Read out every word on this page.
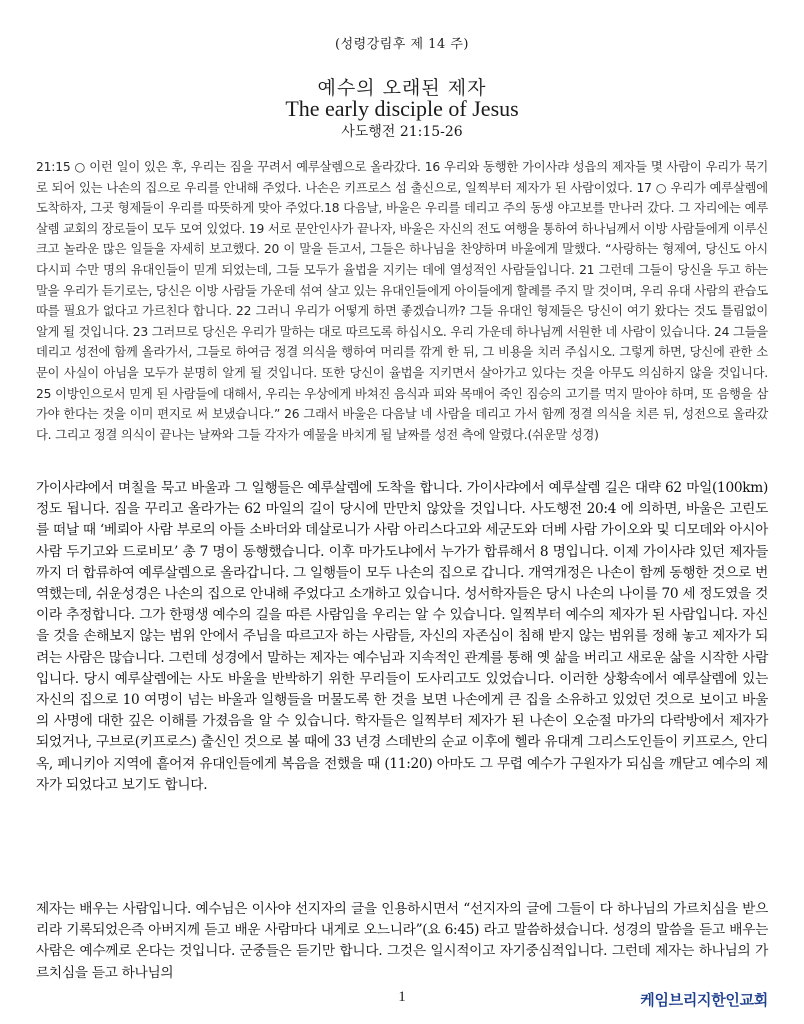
(성령강림후 제 14 주)
예수의 오래된 제자
The early disciple of Jesus
사도행전 21:15-26
21:15 ○ 이런 일이 있은 후, 우리는 짐을 꾸려서 예루살렘으로 올라갔다. 16 우리와 동행한 가이사랴 성읍의 제자들 몇 사람이 우리가 묵기로 되어 있는 나손의 집으로 우리를 안내해 주었다. 나손은 키프로스 섬 출신으로, 일찍부터 제자가 된 사람이었다. 17 ○ 우리가 예루살렘에 도착하자, 그곳 형제들이 우리를 따뜻하게 맞아 주었다.18 다음날, 바울은 우리를 데리고 주의 동생 야고보를 만나러 갔다. 그 자리에는 예루살렘 교회의 장로들이 모두 모여 있었다. 19 서로 문안인사가 끝나자, 바울은 자신의 전도 여행을 통하여 하나님께서 이방 사람들에게 이루신 크고 놀라운 많은 일들을 자세히 보고했다. 20 이 말을 듣고서, 그들은 하나님을 찬양하며 바울에게 말했다. “사랑하는 형제여, 당신도 아시다시피 수만 명의 유대인들이 믿게 되었는데, 그들 모두가 율법을 지키는 데에 열성적인 사람들입니다. 21 그런데 그들이 당신을 두고 하는 말을 우리가 듣기로는, 당신은 이방 사람들 가운데 섞여 살고 있는 유대인들에게 아이들에게 할례를 주지 말 것이며, 우리 유대 사람의 관습도 따를 필요가 없다고 가르친다 합니다. 22 그러니 우리가 어떻게 하면 좋겠습니까? 그들 유대인 형제들은 당신이 여기 왔다는 것도 틀림없이 알게 될 것입니다. 23 그러므로 당신은 우리가 말하는 대로 따르도록 하십시오. 우리 가운데 하나님께 서원한 네 사람이 있습니다. 24 그들을 데리고 성전에 함께 올라가서, 그들로 하여금 정결 의식을 행하여 머리를 깎게 한 뒤, 그 비용을 치러 주십시오. 그렇게 하면, 당신에 관한 소문이 사실이 아님을 모두가 분명히 알게 될 것입니다. 또한 당신이 율법을 지키면서 살아가고 있다는 것을 아무도 의심하지 않을 것입니다. 25 이방인으로서 믿게 된 사람들에 대해서, 우리는 우상에게 바쳐진 음식과 피와 목매어 죽인 짐승의 고기를 먹지 말아야 하며, 또 음행을 삼가야 한다는 것을 이미 편지로 써 보냈습니다.” 26 그래서 바울은 다음날 네 사람을 데리고 가서 함께 정결 의식을 치른 뒤, 성전으로 올라갔다. 그리고 정결 의식이 끝나는 날짜와 그들 각자가 예물을 바치게 될 날짜를 성전 측에 알렸다.(쉬운말 성경)

가이사랴에서 며칠을 묵고 바울과 그 일행들은 예루살렘에 도착을 합니다. 가이사랴에서 예루살렘 길은 대략 62 마일(100km) 정도 됩니다. 짐을 꾸리고 올라가는 62 마일의 길이 당시에 만만치 않았을 것입니다. 사도행전 20:4 에 의하면, 바울은 고린도를 떠날 때 ‘베뢰아 사람 부로의 아들 소바더와 데살로니가 사람 아리스다고와 세군도와 더베 사람 가이오와 및 디모데와 아시아 사람 두기고와 드로비모’ 총 7 명이 동행했습니다. 이후 마가도냐에서 누가가 합류해서 8 명입니다. 이제 가이사랴 있던 제자들까지 더 합류하여 예루살렘으로 올라갑니다. 그 일행들이 모두 나손의 집으로 갑니다. 개역개정은 나손이 함께 동행한 것으로 번역했는데, 쉬운성경은 나손의 집으로 안내해 주었다고 소개하고 있습니다. 성서학자들은 당시 나손의 나이를 70 세 정도였을 것이라 추정합니다. 그가 한평생 예수의 길을 따른 사람임을 우리는 알 수 있습니다. 일찍부터 예수의 제자가 된 사람입니다. 자신을 것을 손해보지 않는 범위 안에서 주님을 따르고자 하는 사람들, 자신의 자존심이 침해 받지 않는 범위를 정해 놓고 제자가 되려는 사람은 많습니다. 그런데 성경에서 말하는 제자는 예수님과 지속적인 관계를 통해 옛 삶을 버리고 새로운 삶을 시작한 사람입니다. 당시 예루살렘에는 사도 바울을 반박하기 위한 무리들이 도사리고도 있었습니다. 이러한 상황속에서 예루살렘에 있는 자신의 집으로 10 여명이 넘는 바울과 일행들을 머물도록 한 것을 보면 나손에게 큰 집을 소유하고 있었던 것으로 보이고 바울의 사명에 대한 깊은 이해를 가졌음을 알 수 있습니다. 학자들은 일찍부터 제자가 된 나손이 오순절 마가의 다락방에서 제자가 되었거나, 구브로(키프로스) 출신인 것으로 볼 때에 33 년경 스데반의 순교 이후에 헬라 유대계 그리스도인들이 키프로스, 안디옥, 페니키아 지역에 흩어져 유대인들에게 복음을 전했을 때 (11:20) 아마도 그 무렵 예수가 구원자가 되심을 깨닫고 예수의 제자가 되었다고 보기도 합니다.

제자는 배우는 사람입니다. 예수님은 이사야 선지자의 글을 인용하시면서 “선지자의 글에 그들이 다 하나님의 가르치심을 받으리라 기록되었은즉 아버지께 듣고 배운 사람마다 내게로 오느니라”(요 6:45) 라고 말씀하셨습니다. 성경의 말씀을 듣고 배우는 사람은 예수께로 온다는 것입니다. 군중들은 듣기만 합니다. 그것은 일시적이고 자기중심적입니다. 그런데 제자는 하나님의 가르치심을 듣고 하나님의

1	케임브리지한인교회
